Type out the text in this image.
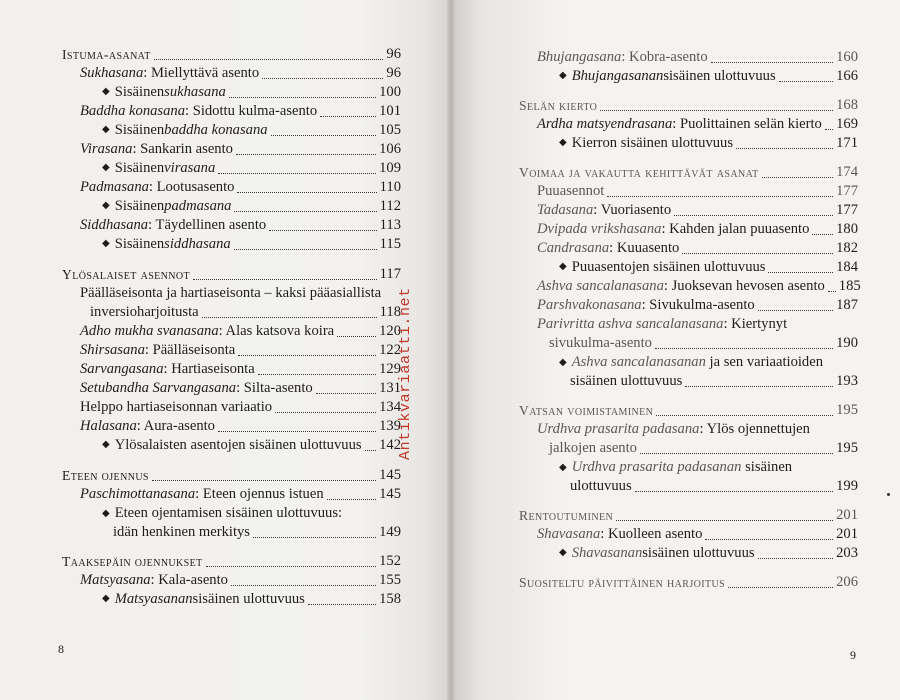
Istuma-asanat	96
Sukhasana : Miellyttävä asento	96
◆ Sisäinen sukhasana	100
Baddha konasana : Sidottu kulma-asento	101
◆ Sisäinen baddha konasana	105
Virasana : Sankarin asento	106
◆ Sisäinen virasana	109
Padmasana : Lootusasento	110
◆ Sisäinen padmasana	112
Siddhasana : Täydellinen asento	113
◆ Sisäinen siddhasana	115
Ylösalaiset asennot	117
Päälläseisonta ja hartiaseisonta – kaksi pääasiallista
inversioharjoitusta	118
Adho mukha svanasana : Alas katsova koira	120
Shirsasana : Päälläseisonta	122
Sarvangasana : Hartiaseisonta	129
Setubandha Sarvangasana : Silta-asento	131
Helppo hartiaseisonnan variaatio	134
Halasana : Aura-asento	139
◆ Ylösalaisten asentojen sisäinen ulottuvuus 142
Eteen ojennus	145
Paschimottanasana : Eteen ojennus istuen	145
◆ Eteen ojentamisen sisäinen ulottuvuus:
idän henkinen merkitys	149
Taaksepäin ojennukset	152
Matsyasana : Kala-asento	155
◆ Matsyasanan sisäinen ulottuvuus	158
8
Antikvariaatti.net
Bhujangasana : Kobra-asento	160
◆ Bhujangasanan sisäinen ulottuvuus	166
Selän kierto	168
Ardha matsyendrasana : Puolittainen selän kierto 169
◆ Kierron sisäinen ulottuvuus	171
Voimaa ja vakautta kehittävät asanat	174
Puuasennot	177
Tadasana : Vuoriasento	177
Dvipada vrikshasana : Kahden jalan puuasento 180
Candrasana : Kuuasento	182
◆ Puuasentojen sisäinen ulottuvuus	184
Ashva sancalanasana : Juoksevan hevosen asento 185
Parshvakonasana : Sivukulma-asento	187
Parivritta ashva sancalanasana: Kiertynyt
sivukulma-asento	190
◆ Ashva sancalanasanan ja sen variaatioiden
sisäinen ulottuvuus	193
Vatsan voimistaminen	195
Urdhva prasarita padasana: Ylös ojennettujen
jalkojen asento	195
◆ Urdhva prasarita padasanan sisäinen
ulottuvuus	199
Rentoutuminen	201
Shavasana : Kuolleen asento	201
◆ Shavasanan sisäinen ulottuvuus	203
Suositeltu päivittäinen harjoitus	206
9
